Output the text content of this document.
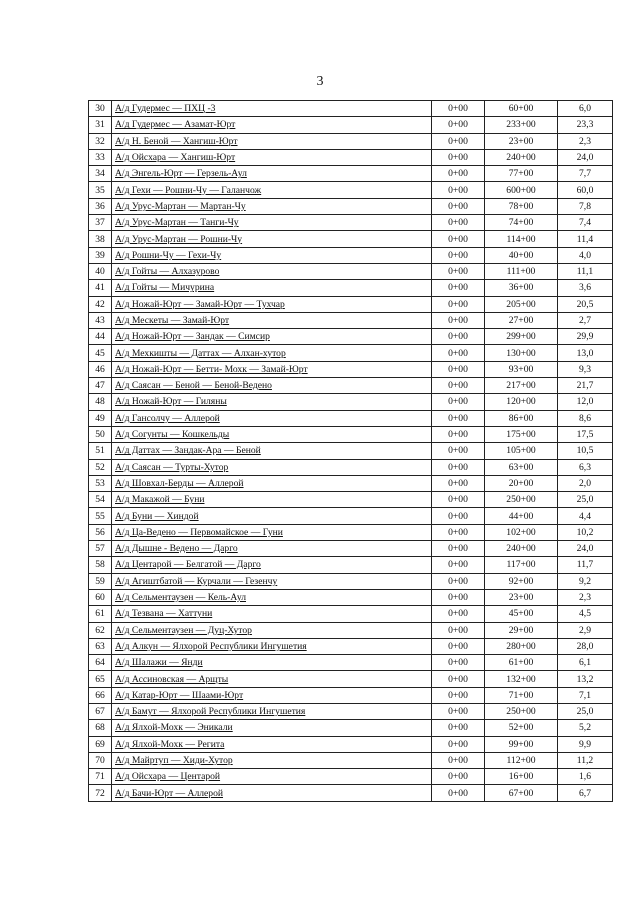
3
30	А/д Гудермес — ПХЦ -3	0+00	60+00	6,0
31	А/д Гудермес — Азамат-Юрт	0+00	233+00	23,3
32	А/д Н. Беной — Хангиш-Юрт	0+00	23+00	2,3
33	А/д Ойсхара — Хангиш-Юрт	0+00	240+00	24,0
34	А/д Энгель-Юрт — Герзель-Аул	0+00	77+00	7,7
35	А/д Гехи — Рошни-Чу — Галанчож	0+00	600+00	60,0
36	А/д Урус-Мартан — Мартан-Чу	0+00	78+00	7,8
37	А/д Урус-Мартан — Танги-Чу	0+00	74+00	7,4
38	А/д Урус-Мартан — Рошни-Чу	0+00	114+00	11,4
39	А/д Рошни-Чу — Гехи-Чу	0+00	40+00	4,0
40	А/д Гойты — Алхазурово	0+00	111+00	11,1
41	А/д Гойты — Мичурина	0+00	36+00	3,6
42	А/д Ножай-Юрт — Замай-Юрт — Тухчар	0+00	205+00	20,5
43	А/д Мескеты — Замай-Юрт	0+00	27+00	2,7
44	А/д Ножай-Юрт — Зандак — Симсир	0+00	299+00	29,9
45	А/д Мехкишты — Даттах — Алхан-хутор	0+00	130+00	13,0
46	А/д Ножай-Юрт — Бетти- Мохк — Замай-Юрт	0+00	93+00	9,3
47	А/д Саясан — Беной — Беной-Ведено	0+00	217+00	21,7
48	А/д Ножай-Юрт — Гиляны	0+00	120+00	12,0
49	А/д Гансолчу — Аллерой	0+00	86+00	8,6
50	А/д Согунты — Кошкельды	0+00	175+00	17,5
51	А/д Даттах — Зандак-Ара — Беной	0+00	105+00	10,5
52	А/д Саясан — Турты-Хутор	0+00	63+00	6,3
53	А/д Шовхал-Берды — Аллерой	0+00	20+00	2,0
54	А/д Макажой — Буни	0+00	250+00	25,0
55	А/д Буни — Хиндой	0+00	44+00	4,4
56	А/д Ца-Ведено — Первомайское — Гуни	0+00	102+00	10,2
57	А/д Дышне - Ведено — Дарго	0+00	240+00	24,0
58	А/д Центарой — Белгатой — Дарго	0+00	117+00	11,7
59	А/д Агиштбатой — Курчали — Гезенчу	0+00	92+00	9,2
60	А/д Сельментаузен — Кель-Аул	0+00	23+00	2,3
61	А/д Тезвана — Хаттуни	0+00	45+00	4,5
62	А/д Сельментаузен — Дуц-Хутор	0+00	29+00	2,9
63	А/д Алкун — Ялхорой Республики Ингушетия	0+00	280+00	28,0
64	А/д Шалажи — Янди	0+00	61+00	6,1
65	А/д Ассиновская — Арщты	0+00	132+00	13,2
66	А/д Катар-Юрт — Шаами-Юрт	0+00	71+00	7,1
67	А/д Бамут — Ялхорой Республики Ингушетия	0+00	250+00	25,0
68	А/д Ялхой-Мохк — Эникали	0+00	52+00	5,2
69	А/д Ялхой-Мохк — Регита	0+00	99+00	9,9
70	А/д Майртуп — Хиди-Хутор	0+00	112+00	11,2
71	А/д Ойсхара — Центарой	0+00	16+00	1,6
72	А/д Бачи-Юрт — Аллерой	0+00	67+00	6,7
